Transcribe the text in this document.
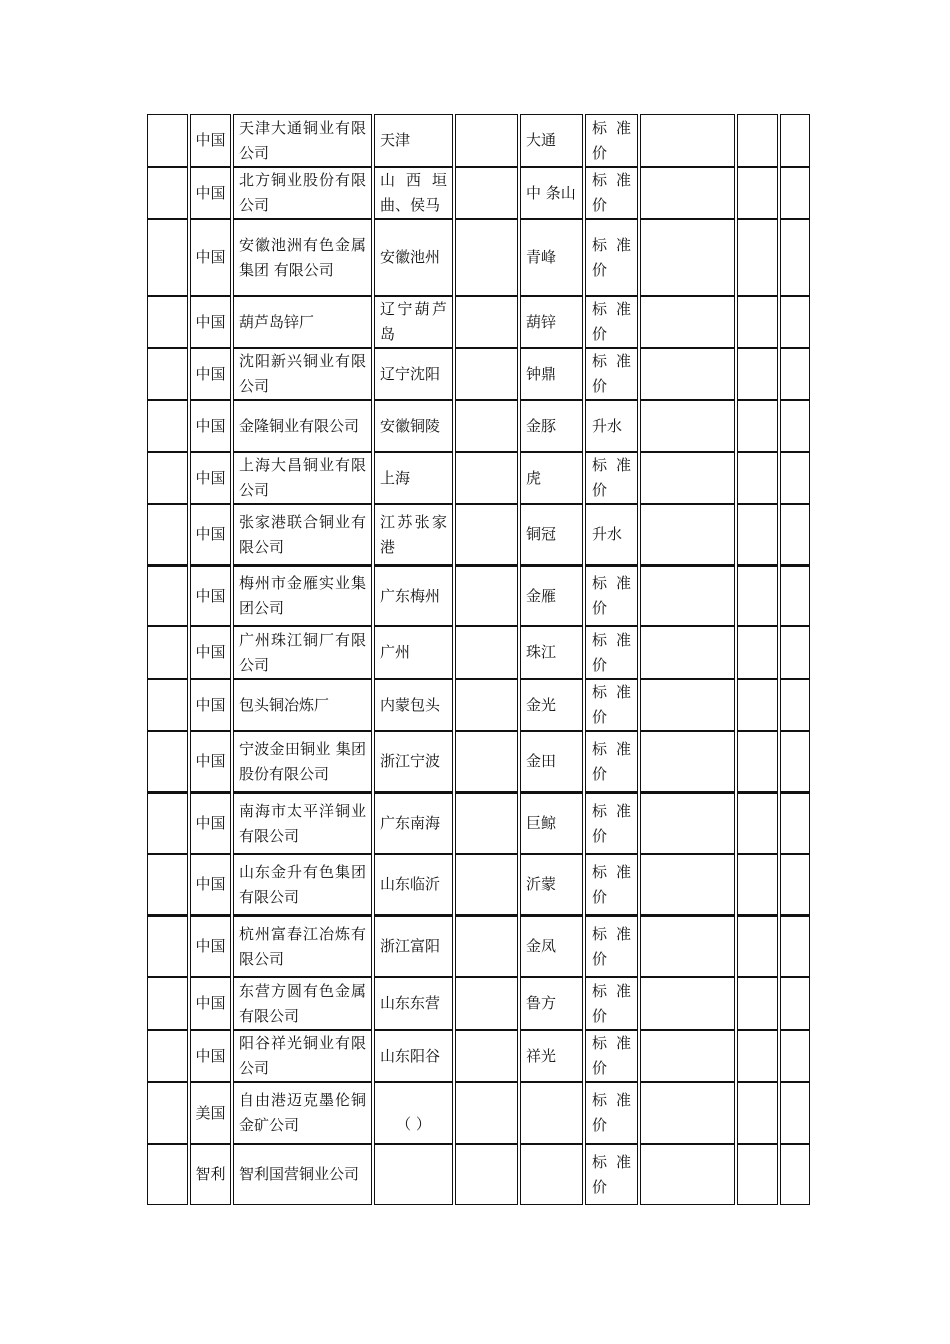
	中国	天津大通铜业有限公司	天津		大通	标准价			
	中国	北方铜业股份有限公司	山西垣曲、侯马		中 条山	标准价			
	中国	安徽池洲有色金属 集团 有限公司	安徽池州		青峰	标准价			
	中国	葫芦岛锌厂	辽宁葫芦岛		葫锌	标准价			
	中国	沈阳新兴铜业有限公司	辽宁沈阳		钟鼎	标准价			
	中国	金隆铜业有限公司	安徽铜陵		金豚	升水			
	中国	上海大昌铜业有限公司	上海		虎	标准价			
	中国	张家港联合铜业有限公司	江苏张家港		铜冠	升水			
	中国	梅州市金雁实业集团公司	广东梅州		金雁	标准价			
	中国	广州珠江铜厂有限公司	广州		珠江	标准价			
	中国	包头铜冶炼厂	内蒙包头		金光	标准价			
	中国	宁波金田铜业 集团 股份有限公司	浙江宁波		金田	标准价			
	中国	南海市太平洋铜业有限公司	广东南海		巨鲸	标准价			
	中国	山东金升有色集团有限公司	山东临沂		沂蒙	标准价			
	中国	杭州富春江冶炼有限公司	浙江富阳		金凤	标准价			
	中国	东营方圆有色金属有限公司	山东东营		鲁方	标准价			
	中国	阳谷祥光铜业有限公司	山东阳谷		祥光	标准价			
	美国	自由港迈克墨伦铜金矿公司	（ ）			标准价			
	智利	智利国营铜业公司				标准价			
